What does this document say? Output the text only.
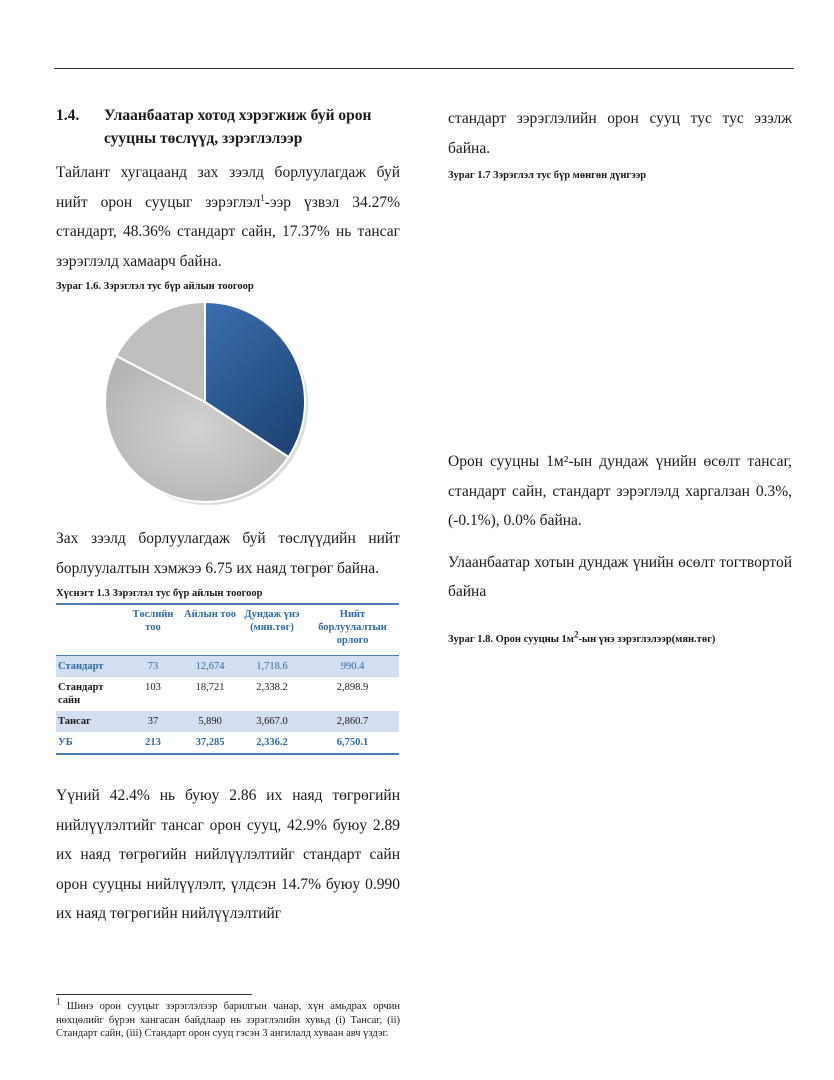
1.4.	Улаанбаатар хотод хэрэгжиж буй орон сууцны төслүүд, зэрэглэлээр

Тайлант хугацаанд зах зээлд борлуулагдаж буй нийт орон сууцыг зэрэглэл$^1$-ээр үзвэл 34.27% стандарт, 48.36% стандарт сайн, 17.37% нь тансаг зэрэглэлд хамаарч байна.

Зураг 1.6. Зэрэглэл тус бүр айлын тоогоор

Зах зээлд борлуулагдаж буй төслүүдийн нийт борлуулалтын хэмжээ 6.75 их наяд төгрөг байна.

Хүснэгт 1.3 Зэрэглэл тус бүр айлын тоогоор
	Төслийн тоо	Айлын тоо	Дундаж үнэ (мян.төг)	Нийт борлуулалтын орлого
Стандарт	73	12,674	1,718.6	990.4
Стандарт сайн	103	18,721	2,338.2	2,898.9
Тансаг	37	5,890	3,667.0	2,860.7
УБ	213	37,285	2,336.2	6,750.1

Үүний 42.4% нь буюу 2.86 их наяд төгрөгийн нийлүүлэлтийг тансаг орон сууц, 42.9% буюу 2.89 их наяд төгрөгийн нийлүүлэлтийг стандарт сайн орон сууцны нийлүүлэлт, үлдсэн 14.7% буюу 0.990 их наяд төгрөгийн нийлүүлэлтийг

стандарт зэрэглэлийн орон сууц тус тус эзэлж байна.

Зураг 1.7 Зэрэглэл тус бүр мөнгөн дүнгээр

Орон сууцны 1м²-ын дундаж үнийн өсөлт тансаг, стандарт сайн, стандарт зэрэглэлд харгалзан 0.3%, (-0.1%), 0.0% байна.

Улаанбаатар хотын дундаж үнийн өсөлт тогтвортой байна

Зураг 1.8. Орон сууцны $1м^2-ын$ үнэ зэрэглэлээр(мян.төг)
$^1$ Шинэ орон сууцыг зэрэглэлээр барилгын чанар, хүн амьдрах орчин нөхцөлийг бүрэн хангасан байдлаар нь зэрэглэлийн хувьд (i) Тансаг, (ii) Стандарт сайн, (iii) Стандарт орон сууц гэсэн 3 ангилалд хуваан авч үздэг.
